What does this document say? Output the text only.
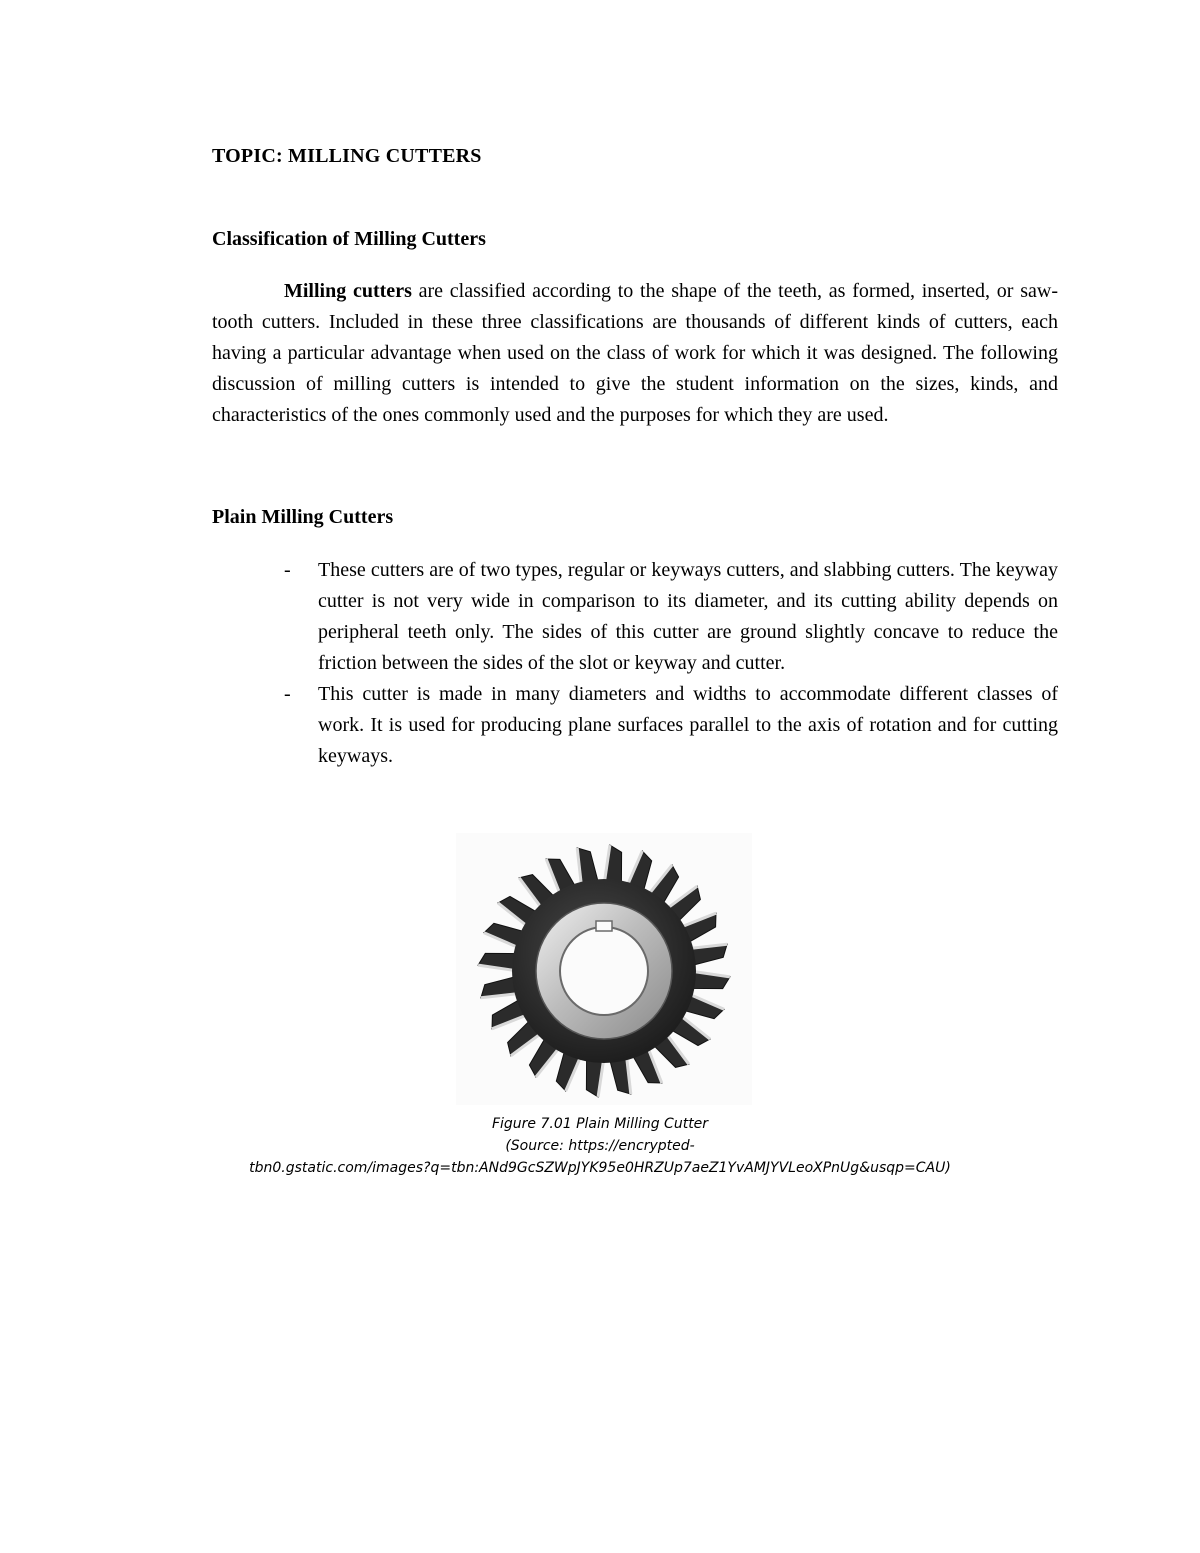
TOPIC: MILLING CUTTERS
Classification of Milling Cutters

Milling cutters are classified according to the shape of the teeth, as formed, inserted, or saw-tooth cutters. Included in these three classifications are thousands of different kinds of cutters, each having a particular advantage when used on the class of work for which it was designed. The following discussion of milling cutters is intended to give the student information on the sizes, kinds, and characteristics of the ones commonly used and the purposes for which they are used.

Plain Milling Cutters
- These cutters are of two types, regular or keyways cutters, and slabbing cutters. The keyway cutter is not very wide in comparison to its diameter, and its cutting ability depends on peripheral teeth only. The sides of this cutter are ground slightly concave to reduce the friction between the sides of the slot or keyway and cutter.
- This cutter is made in many diameters and widths to accommodate different classes of work. It is used for producing plane surfaces parallel to the axis of rotation and for cutting keyways.

Figure 7.01 Plain Milling Cutter

(Source: https://encrypted-

tbn0.gstatic.com/images?q=tbn:ANd9GcSZWpJYK95e0HRZUp7aeZ1YvAMJYVLeoXPnUg&usqp=CAU)
